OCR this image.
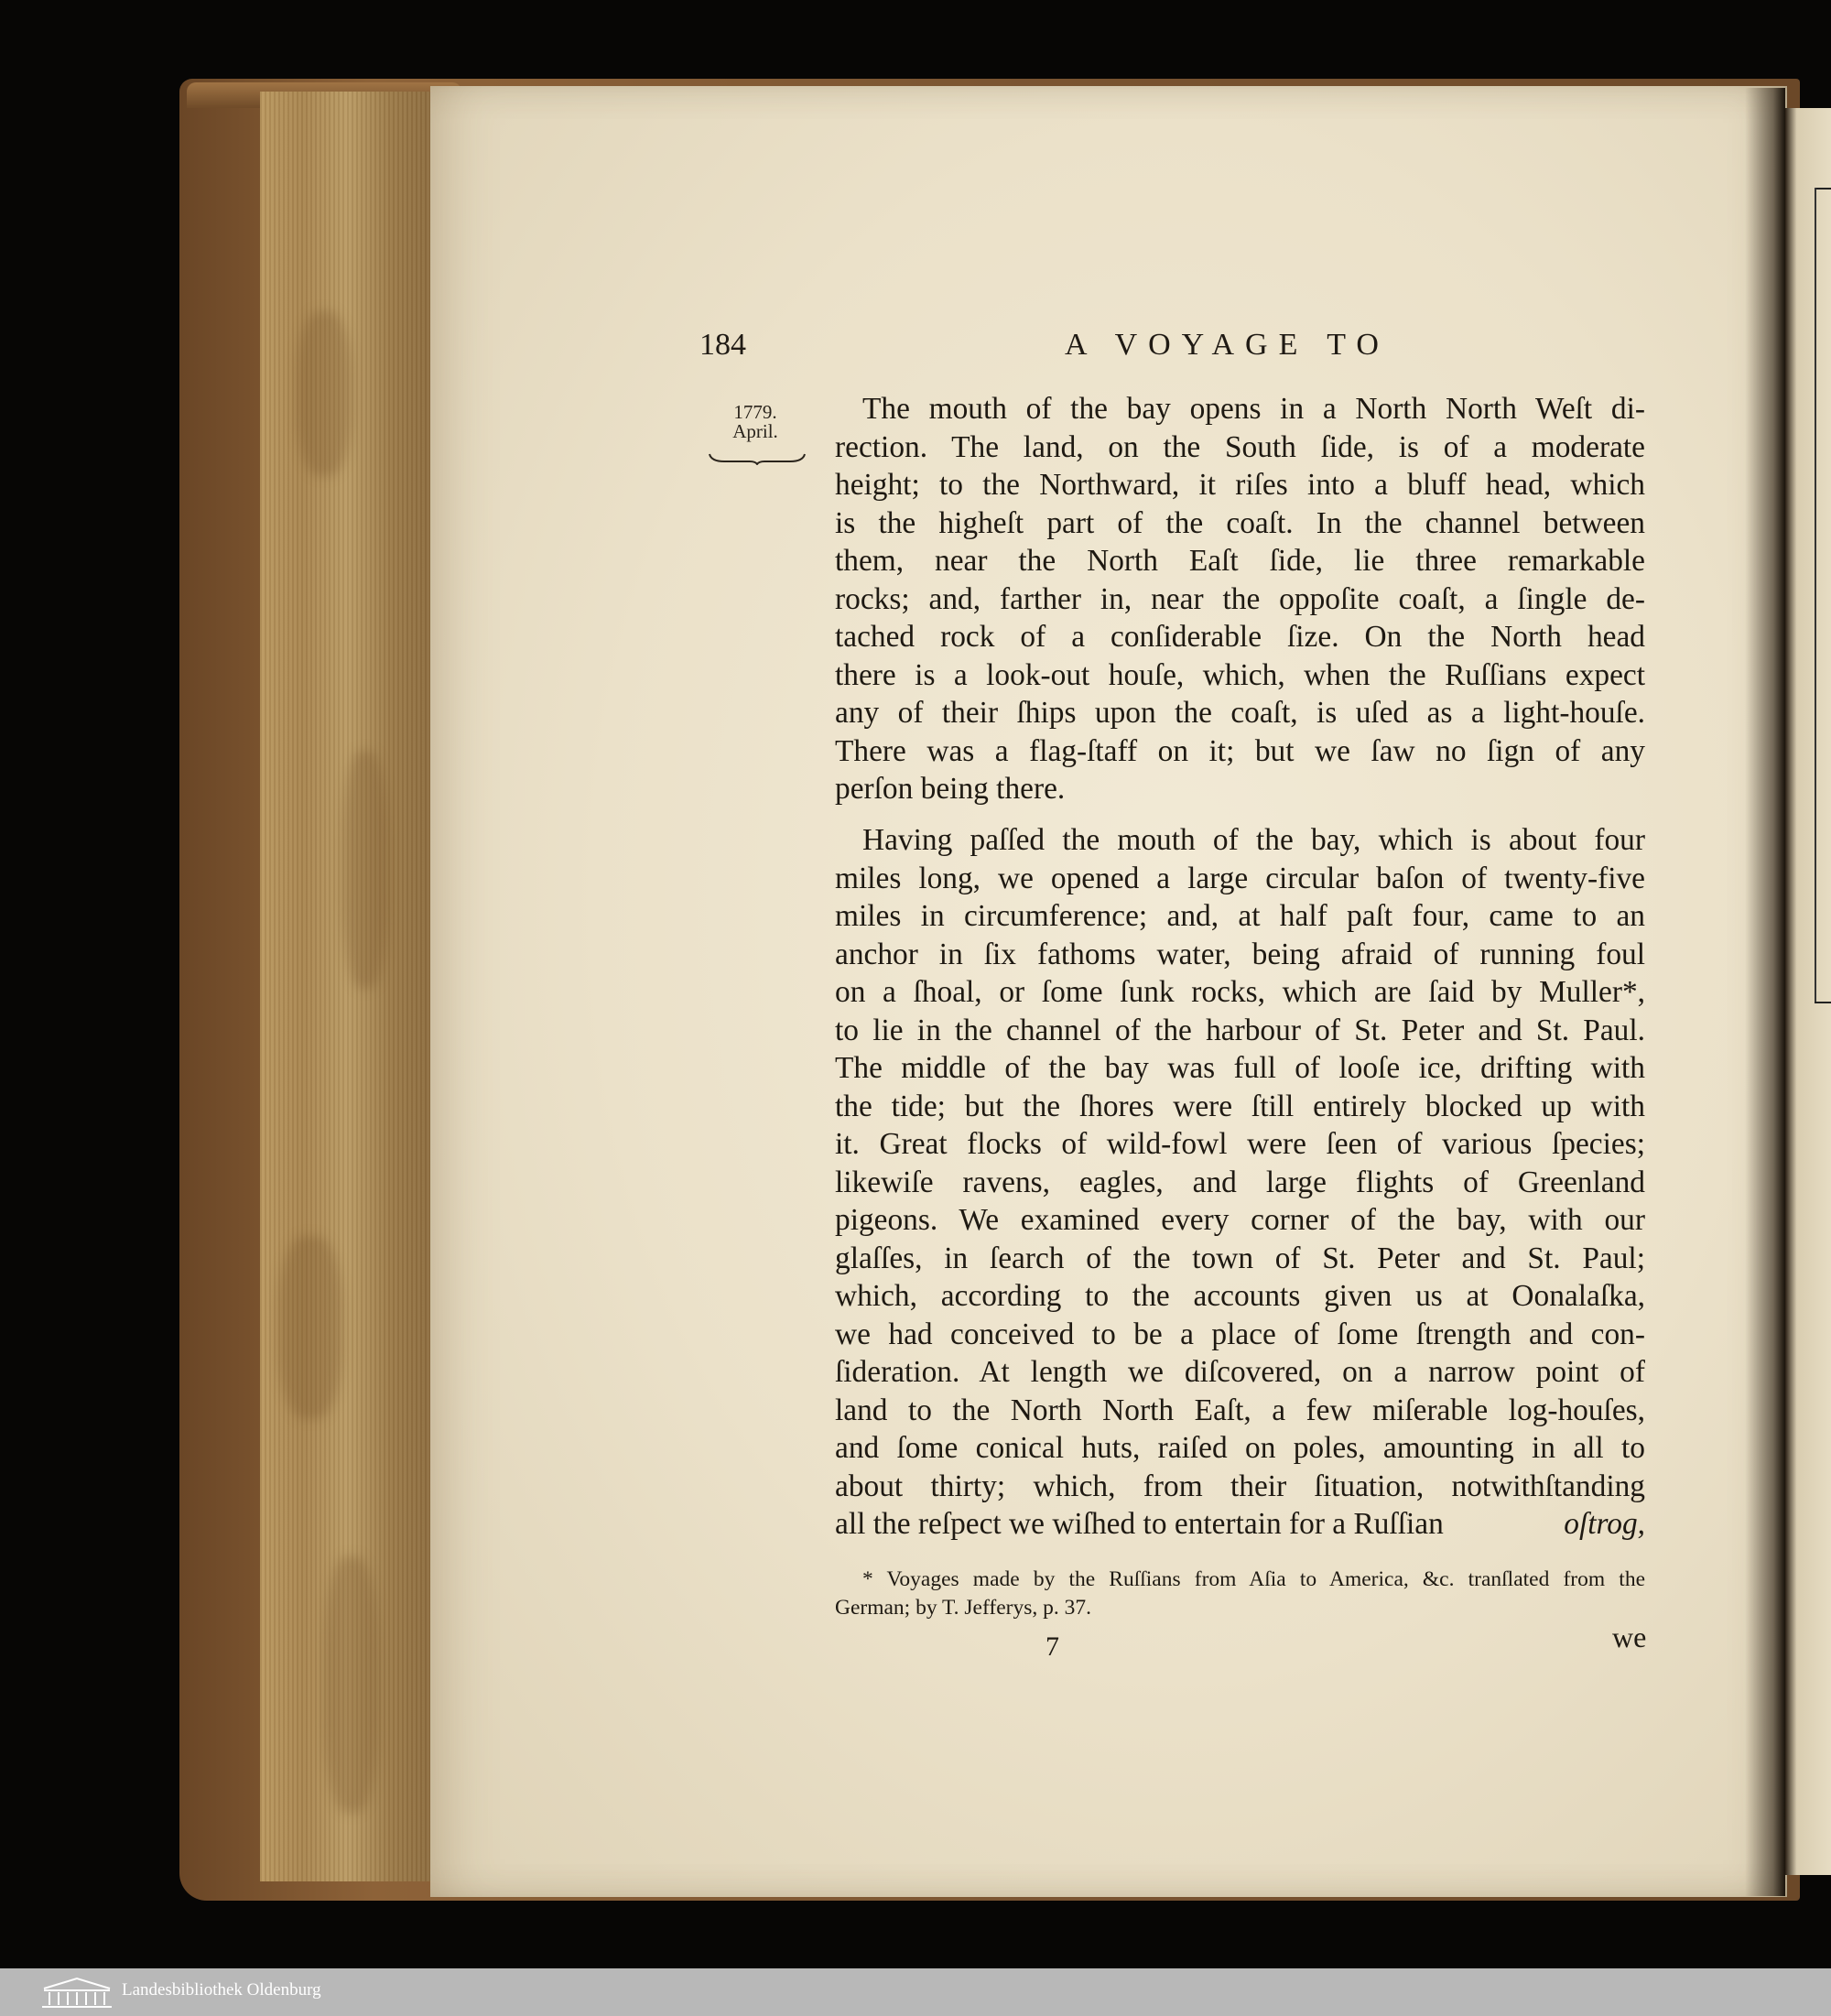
184	A VOYAGE TO
1779.
April.
The mouth of the bay opens in a North North Weſt di-
rection. The land, on the South ſide, is of a moderate
height; to the Northward, it riſes into a bluff head, which
is the higheſt part of the coaſt. In the channel between
them, near the North Eaſt ſide, lie three remarkable
rocks; and, farther in, near the oppoſite coaſt, a ſingle de-
tached rock of a conſiderable ſize. On the North head
there is a look-out houſe, which, when the Ruſſians expect
any of their ſhips upon the coaſt, is uſed as a light-houſe.
There was a flag-ſtaff on it; but we ſaw no ſign of any
perſon being there.
Having paſſed the mouth of the bay, which is about four
miles long, we opened a large circular baſon of twenty-five
miles in circumference; and, at half paſt four, came to an
anchor in ſix fathoms water, being afraid of running foul
on a ſhoal, or ſome ſunk rocks, which are ſaid by Muller*,
to lie in the channel of the harbour of St. Peter and St. Paul.
The middle of the bay was full of looſe ice, drifting with
the tide; but the ſhores were ſtill entirely blocked up with
it. Great flocks of wild-fowl were ſeen of various ſpecies;
likewiſe ravens, eagles, and large flights of Greenland
pigeons. We examined every corner of the bay, with our
glaſſes, in ſearch of the town of St. Peter and St. Paul;
which, according to the accounts given us at Oonalaſka,
we had conceived to be a place of ſome ſtrength and con-
ſideration. At length we diſcovered, on a narrow point of
land to the North North Eaſt, a few miſerable log-houſes,
and ſome conical huts, raiſed on poles, amounting in all to
about thirty; which, from their ſituation, notwithſtanding
all the reſpect we wiſhed to entertain for a Ruſſian	oſtrog,
* Voyages made by the Ruſſians from Aſia to America, &c. tranſlated from the
German; by T. Jefferys, p. 37.
7	we
Landesbibliothek Oldenburg
